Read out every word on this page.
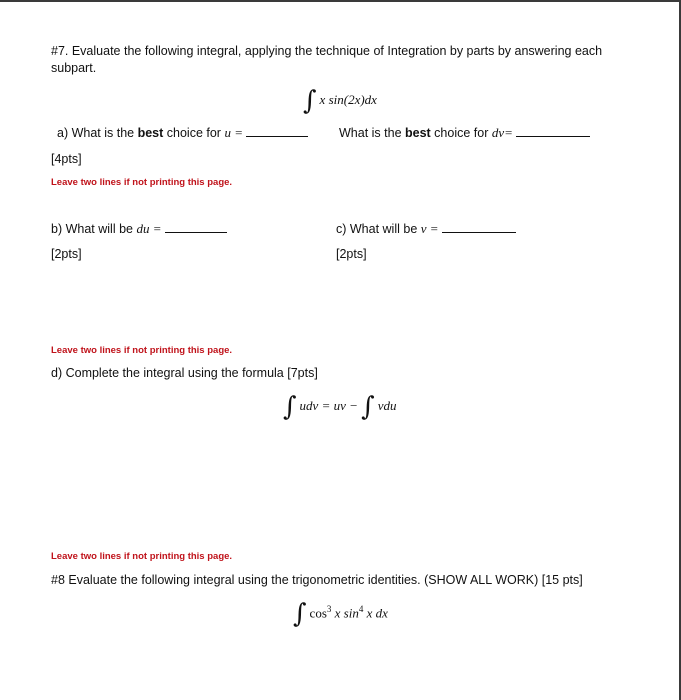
#7. Evaluate the following integral, applying the technique of Integration by parts by answering each
subpart.
∫ x sin(2x)dx
a) What is the best choice for u =	What is the best choice for dv=
[4pts]
Leave two lines if not printing this page.
b) What will be du =	c) What will be v =
[2pts]	[2pts]
Leave two lines if not printing this page.
d) Complete the integral using the formula [7pts]
∫ udv = uv − ∫ vdu
Leave two lines if not printing this page.
#8 Evaluate the following integral using the trigonometric identities. (SHOW ALL WORK) [15 pts]
∫ $\cos^3 x$ $\sin^4 x$ dx
